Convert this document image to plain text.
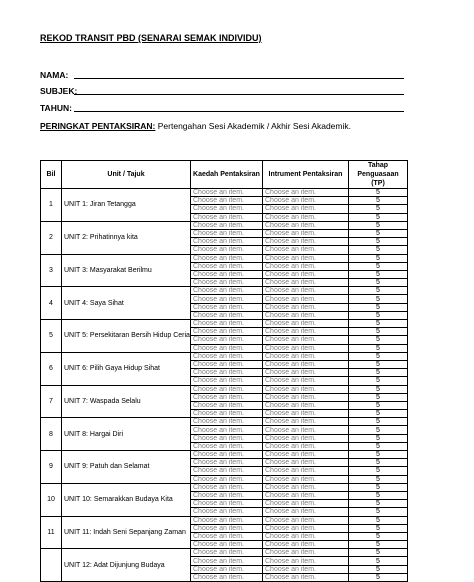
REKOD TRANSIT PBD (SENARAI SEMAK INDIVIDU)
NAMA:
SUBJEK:
TAHUN:
PERINGKAT PENTAKSIRAN: Pertengahan Sesi Akademik / Akhir Sesi Akademik.
Bil	Unit / Tajuk	Kaedah Pentaksiran	Intrument Pentaksiran	Tahap Penguasaan (TP)
1	UNIT 1: Jiran Tetangga	Choose an item.	Choose an item.	5
		Choose an item.	Choose an item.	5
		Choose an item.	Choose an item.	5
		Choose an item.	Choose an item.	5
2	UNIT 2: Prihatinnya kita	Choose an item.	Choose an item.	5
		Choose an item.	Choose an item.	5
		Choose an item.	Choose an item.	5
		Choose an item.	Choose an item.	5
3	UNIT 3: Masyarakat Berilmu	Choose an item.	Choose an item.	5
		Choose an item.	Choose an item.	5
		Choose an item.	Choose an item.	5
		Choose an item.	Choose an item.	5
4	UNIT 4: Saya Sihat	Choose an item.	Choose an item.	5
		Choose an item.	Choose an item.	5
		Choose an item.	Choose an item.	5
		Choose an item.	Choose an item.	5
5	UNIT 5: Persekitaran Bersih Hidup Ceria	Choose an item.	Choose an item.	5
		Choose an item.	Choose an item.	5
		Choose an item.	Choose an item.	5
		Choose an item.	Choose an item.	5
6	UNIT 6: Pilih Gaya Hidup Sihat	Choose an item.	Choose an item.	5
		Choose an item.	Choose an item.	5
		Choose an item.	Choose an item.	5
		Choose an item.	Choose an item.	5
7	UNIT 7: Waspada Selalu	Choose an item.	Choose an item.	5
		Choose an item.	Choose an item.	5
		Choose an item.	Choose an item.	5
		Choose an item.	Choose an item.	5
8	UNIT 8: Hargai Diri	Choose an item.	Choose an item.	5
		Choose an item.	Choose an item.	5
		Choose an item.	Choose an item.	5
		Choose an item.	Choose an item.	5
9	UNIT 9: Patuh dan Selamat	Choose an item.	Choose an item.	5
		Choose an item.	Choose an item.	5
		Choose an item.	Choose an item.	5
		Choose an item.	Choose an item.	5
10	UNIT 10: Semarakkan Budaya Kita	Choose an item.	Choose an item.	5
		Choose an item.	Choose an item.	5
		Choose an item.	Choose an item.	5
		Choose an item.	Choose an item.	5
11	UNIT 11: Indah Seni Sepanjang Zaman	Choose an item.	Choose an item.	5
		Choose an item.	Choose an item.	5
		Choose an item.	Choose an item.	5
		Choose an item.	Choose an item.	5
	UNIT 12: Adat Dijunjung Budaya	Choose an item.	Choose an item.	5
		Choose an item.	Choose an item.	5
		Choose an item.	Choose an item.	5
		Choose an item.	Choose an item.	5
